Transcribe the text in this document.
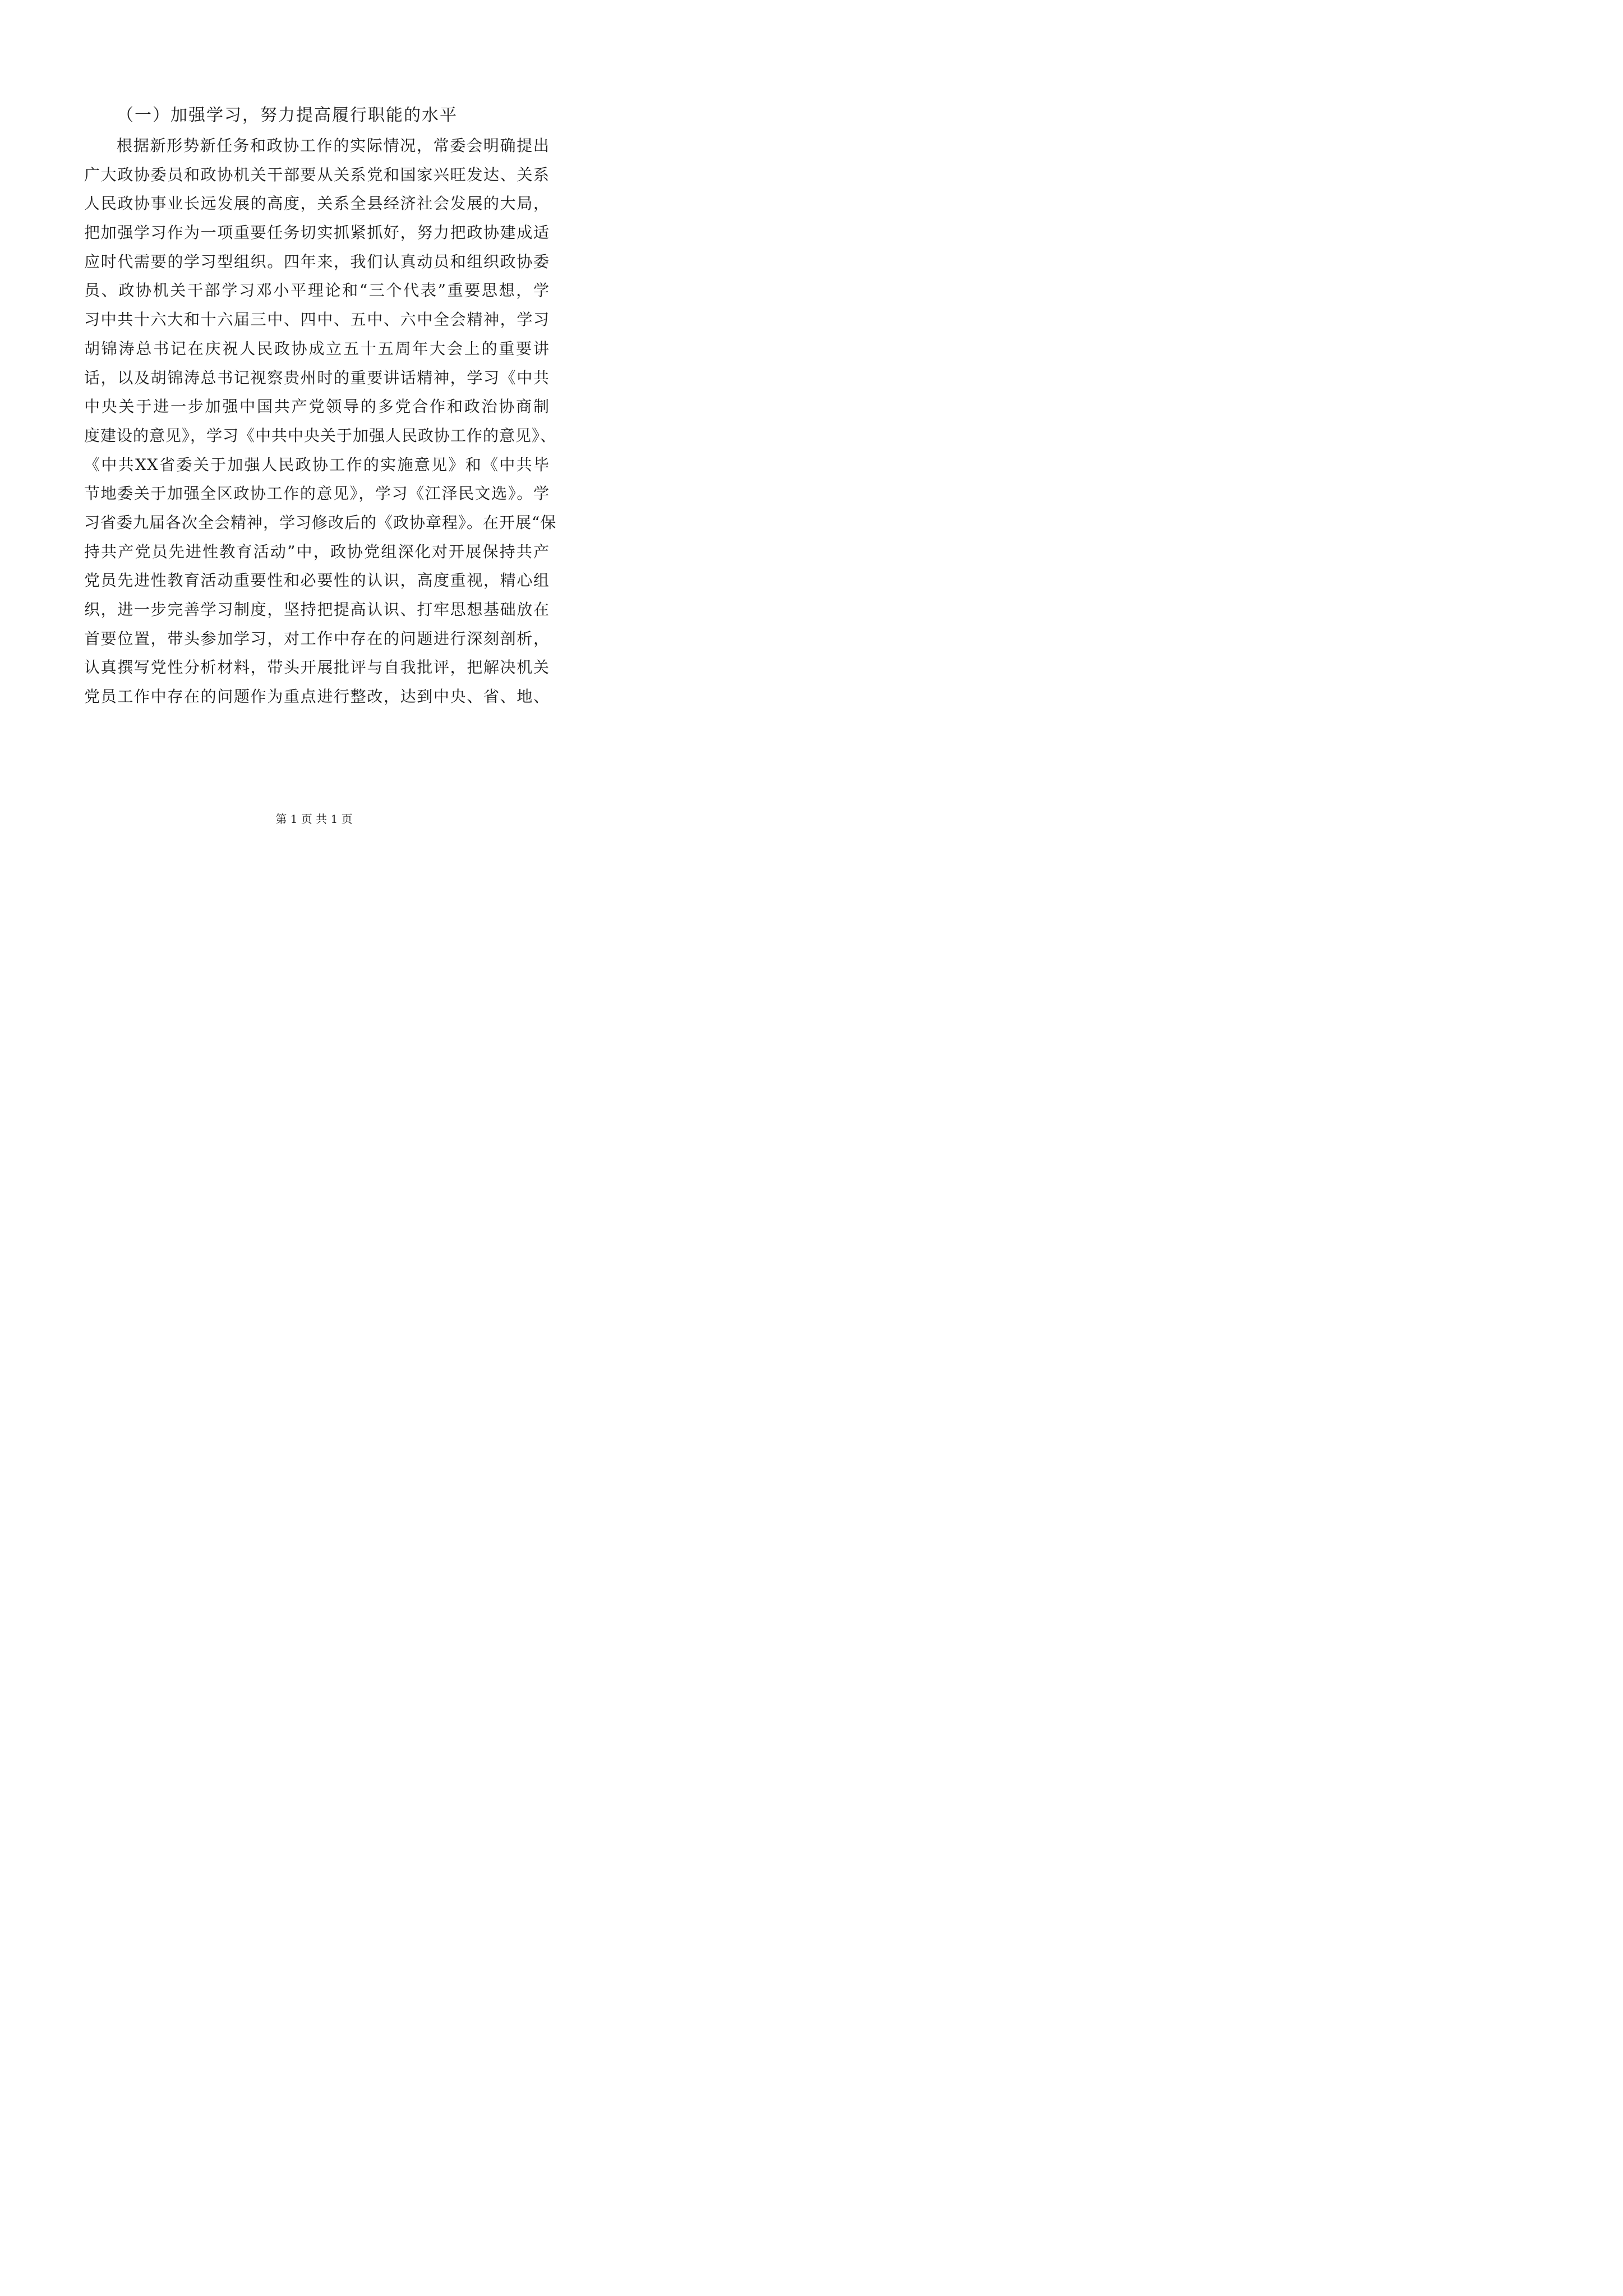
（一）加强学习，努力提高履行职能的水平
根据新形势新任务和政协工作的实际情况，常委会明确提出
广大政协委员和政协机关干部要从关系党和国家兴旺发达、关系
人民政协事业长远发展的高度，关系全县经济社会发展的大局，
把加强学习作为一项重要任务切实抓紧抓好，努力把政协建成适
应时代需要的学习型组织。四年来，我们认真动员和组织政协委
员、政协机关干部学习邓小平理论和“三个代表”重要思想，学
习中共十六大和十六届三中、四中、五中、六中全会精神，学习
胡锦涛总书记在庆祝人民政协成立五十五周年大会上的重要讲
话，以及胡锦涛总书记视察贵州时的重要讲话精神，学习《中共
中央关于进一步加强中国共产党领导的多党合作和政治协商制
度建设的意见》，学习《中共中央关于加强人民政协工作的意见》、
《中共XX省委关于加强人民政协工作的实施意见》和《中共毕
节地委关于加强全区政协工作的意见》，学习《江泽民文选》。学
习省委九届各次全会精神，学习修改后的《政协章程》。在开展“保
持共产党员先进性教育活动”中，政协党组深化对开展保持共产
党员先进性教育活动重要性和必要性的认识，高度重视，精心组
织，进一步完善学习制度，坚持把提高认识、打牢思想基础放在
首要位置，带头参加学习，对工作中存在的问题进行深刻剖析，
认真撰写党性分析材料，带头开展批评与自我批评，把解决机关
党员工作中存在的问题作为重点进行整改，达到中央、省、地、
第 1 页 共 1 页
